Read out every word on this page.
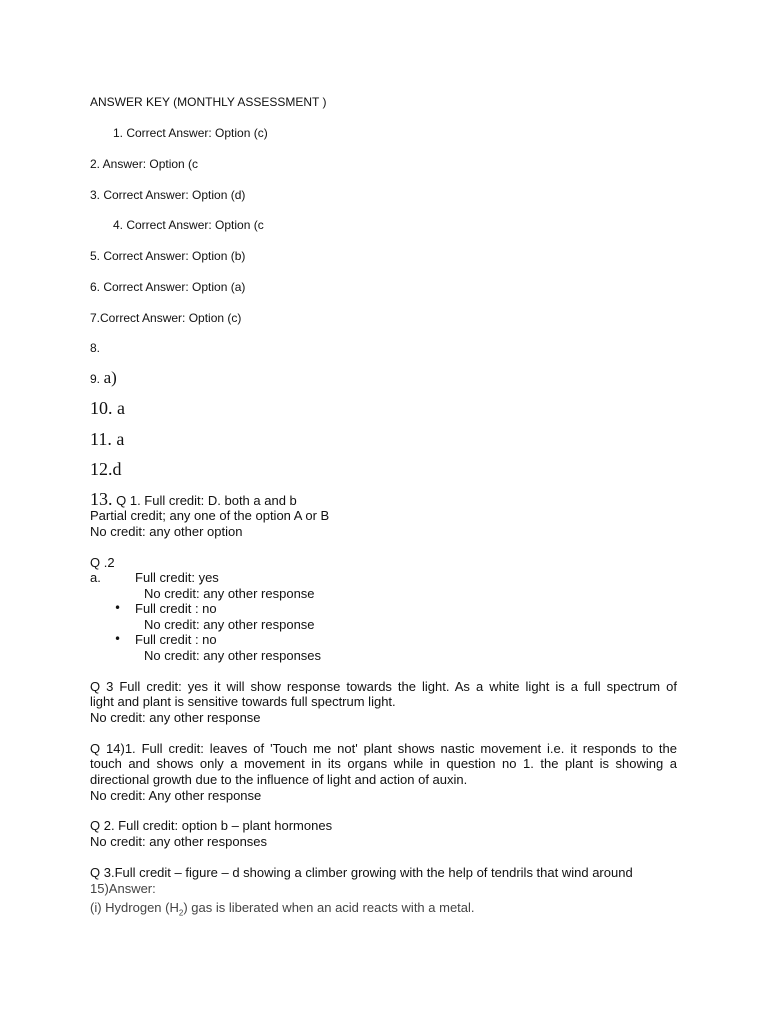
ANSWER KEY (MONTHLY ASSESSMENT )
1. Correct Answer: Option (c)
2. Answer: Option (c
3. Correct Answer: Option (d)
4. Correct Answer: Option (c
5. Correct Answer: Option (b)
6. Correct Answer: Option (a)
7.Correct Answer: Option (c)
8.
9. a)
10. a
11. a
12.d
13. Q 1. Full credit: D. both a and b
Partial credit; any one of the option A or B
No credit: any other option
Q .2
a.	Full credit: yes
No credit: any other response
• Full credit : no
No credit: any other response
• Full credit : no
No credit: any other responses
Q 3 Full credit: yes it will show response towards the light. As a white light is a full spectrum of
light and plant is sensitive towards full spectrum light.
No credit: any other response
Q 14)1. Full credit: leaves of 'Touch me not' plant shows nastic movement i.e. it responds to the
touch and shows only a movement in its organs while in question no 1. the plant is showing a
directional growth due to the influence of light and action of auxin.
No credit: Any other response
Q 2. Full credit: option b – plant hormones
No credit: any other responses
Q 3.Full credit – figure – d showing a climber growing with the help of tendrils that wind around
15)Answer:
(i) Hydrogen $(H_2)$ gas is liberated when an acid reacts with a metal.
